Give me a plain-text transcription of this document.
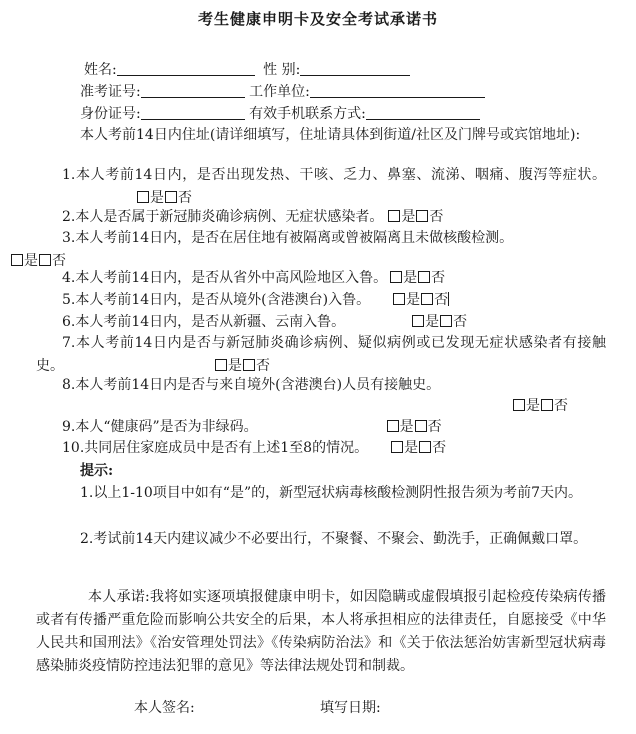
考生健康申明卡及安全考试承诺书
姓名:	性 别:
准考证号:	工作单位:
身份证号:	有效手机联系方式:
本人考前14日内住址(请详细填写，住址请具体到街道/社区及门牌号或宾馆地址):
1.本人考前14日内，是否出现发热、干咳、乏力、鼻塞、流涕、咽痛、腹泻等症状。是 否
2.本人是否属于新冠肺炎确诊病例、无症状感染者。 是 否
3.本人考前14日内，是否在居住地有被隔离或曾被隔离且未做核酸检测。
是 否
4.本人考前14日内，是否从省外中高风险地区入鲁。 是 否
5.本人考前14日内，是否从境外(含港澳台)入鲁。	是 否
6.本人考前14日内，是否从新疆、云南入鲁。	是 否
7.本人考前14日内是否与新冠肺炎确诊病例、疑似病例或已发现无症状感染者有接触史。	是 否
8.本人考前14日内是否与来自境外(含港澳台)人员有接触史。
是 否
9.本人“健康码”是否为非绿码。	是 否
10.共同居住家庭成员中是否有上述1至8的情况。	是 否
提示:
1.以上1-10项目中如有“是”的，新型冠状病毒核酸检测阴性报告须为考前7天内。
2.考试前14天内建议减少不必要出行，不聚餐、不聚会、勤洗手，正确佩戴口罩。
本人承诺:我将如实逐项填报健康申明卡，如因隐瞒或虚假填报引起检疫传染病传播或者有传播严重危险而影响公共安全的后果，本人将承担相应的法律责任，自愿接受《中华人民共和国刑法》《治安管理处罚法》《传染病防治法》和《关于依法惩治妨害新型冠状病毒感染肺炎疫情防控违法犯罪的意见》等法律法规处罚和制裁。
本人签名:	填写日期:
